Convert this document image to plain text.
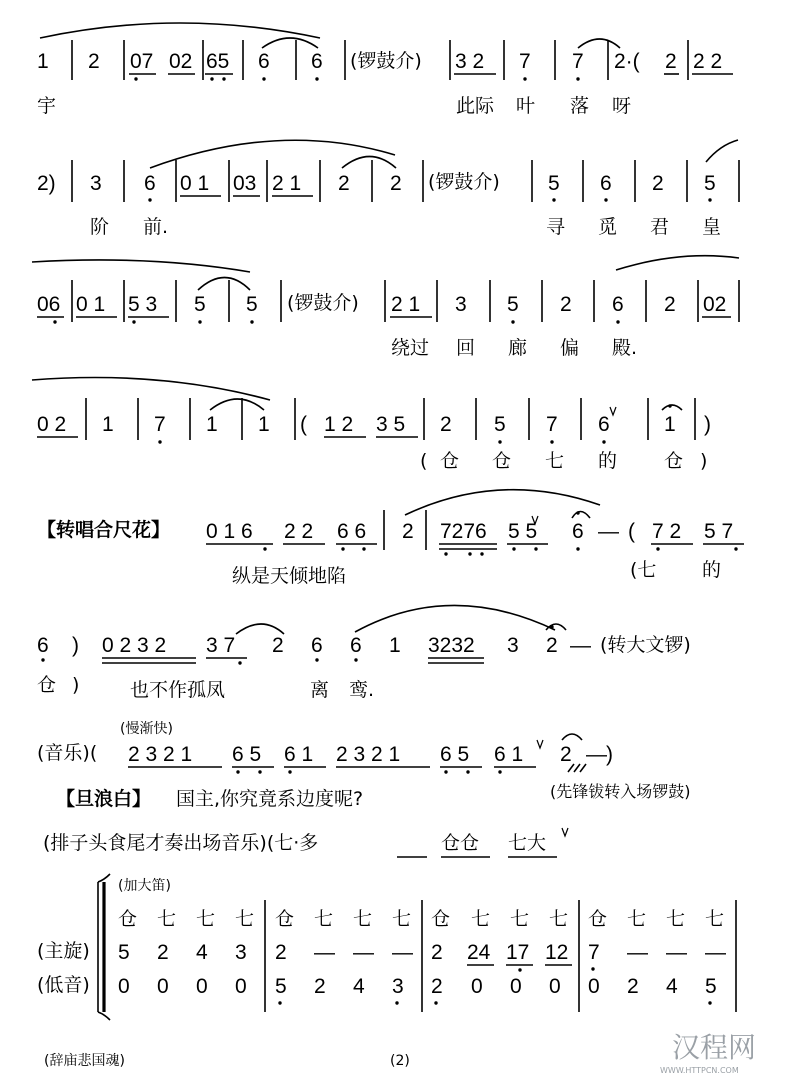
1 2 07 02 65 6 6 (锣鼓介) 3 2 7 7 2·( 2 2 2
宇	此际 叶 落 呀
2) 3 6 0 1 03 2 1 2 2 (锣鼓介) 5 6 2 5
阶 前.	寻 觅 君 皇
06 0 1 5 3 5 5 (锣鼓介) 2 1 3 5 2 6 2 02
绕过 回 廊 偏 殿.
0 2 1 7 1 1 ( 1 2 3 5 2 5 7 6	1 )
( 仓 仓 七 的 仓 )
【转唱合尺花】 0 1 6 2 2 6 6 2 7276 5 5 6 — ( 7 2 5 7
纵是天倾地陷	(七 的
6 ) 0 2 3 2 3 7 2 6 6 1 3232 3 2 — (转大文锣)
仓 )	也不作孤凤	离 鸾.
(慢渐快)
(音乐)( 2 3 2 1 6 5 6 1 2 3 2 1 6 5 6 1 2 — )
(先锋钹转入场锣鼓)
【旦浪白】 国主,你究竟系边度呢?
(排子头食尾才奏出场音乐)(七·多	仓仓 七大
(加大笛)
(主旋)
(低音)
仓 七 七 七 仓 七 七 七 仓 七 七 七 仓 七 七 七
5 2 4 3 2 — — — 2 24 17 12 7 — — —
0 0 0 0 5 2 4 3 2 0 0 0 0 2 4 5
(辞庙悲国魂)	(2)	汉程网
WWW.HTTPCN.COM
